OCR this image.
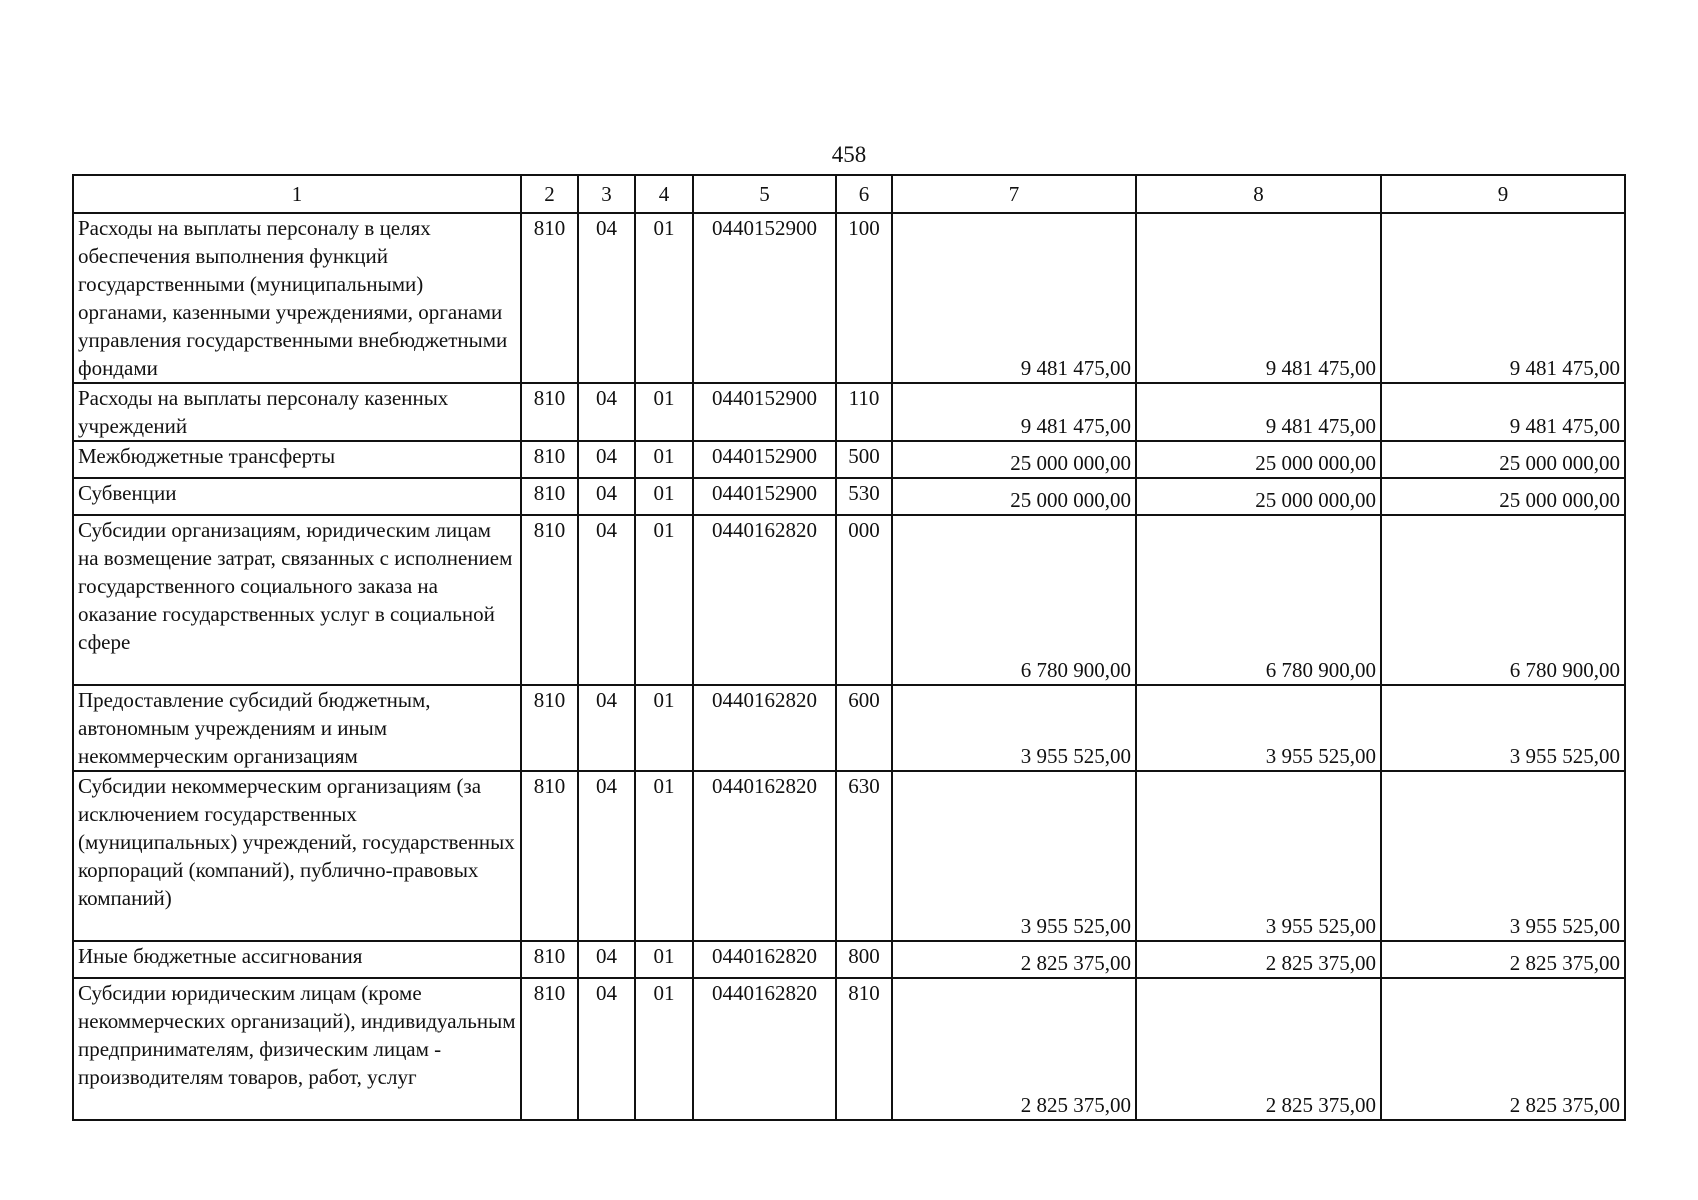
458
1	2	3	4	5	6	7	8	9
Расходы на выплаты персоналу в целях обеспечения выполнения функций государственными (муниципальными) органами, казенными учреждениями, органами управления государственными внебюджетными фондами	810	04	01	0440152900	100	9 481 475,00	9 481 475,00	9 481 475,00
Расходы на выплаты персоналу казенных учреждений	810	04	01	0440152900	110	9 481 475,00	9 481 475,00	9 481 475,00
Межбюджетные трансферты	810	04	01	0440152900	500	25 000 000,00	25 000 000,00	25 000 000,00
Субвенции	810	04	01	0440152900	530	25 000 000,00	25 000 000,00	25 000 000,00
Субсидии организациям, юридическим лицам на возмещение затрат, связанных с исполнением государственного социального заказа на оказание государственных услуг в социальной сфере	810	04	01	0440162820	000	6 780 900,00	6 780 900,00	6 780 900,00
Предоставление субсидий бюджетным, автономным учреждениям и иным некоммерческим организациям	810	04	01	0440162820	600	3 955 525,00	3 955 525,00	3 955 525,00
Субсидии некоммерческим организациям (за исключением государственных (муниципальных) учреждений, государственных корпораций (компаний), публично-правовых компаний)	810	04	01	0440162820	630	3 955 525,00	3 955 525,00	3 955 525,00
Иные бюджетные ассигнования	810	04	01	0440162820	800	2 825 375,00	2 825 375,00	2 825 375,00
Субсидии юридическим лицам (кроме некоммерческих организаций), индивидуальным предпринимателям, физическим лицам - производителям товаров, работ, услуг	810	04	01	0440162820	810	2 825 375,00	2 825 375,00	2 825 375,00
